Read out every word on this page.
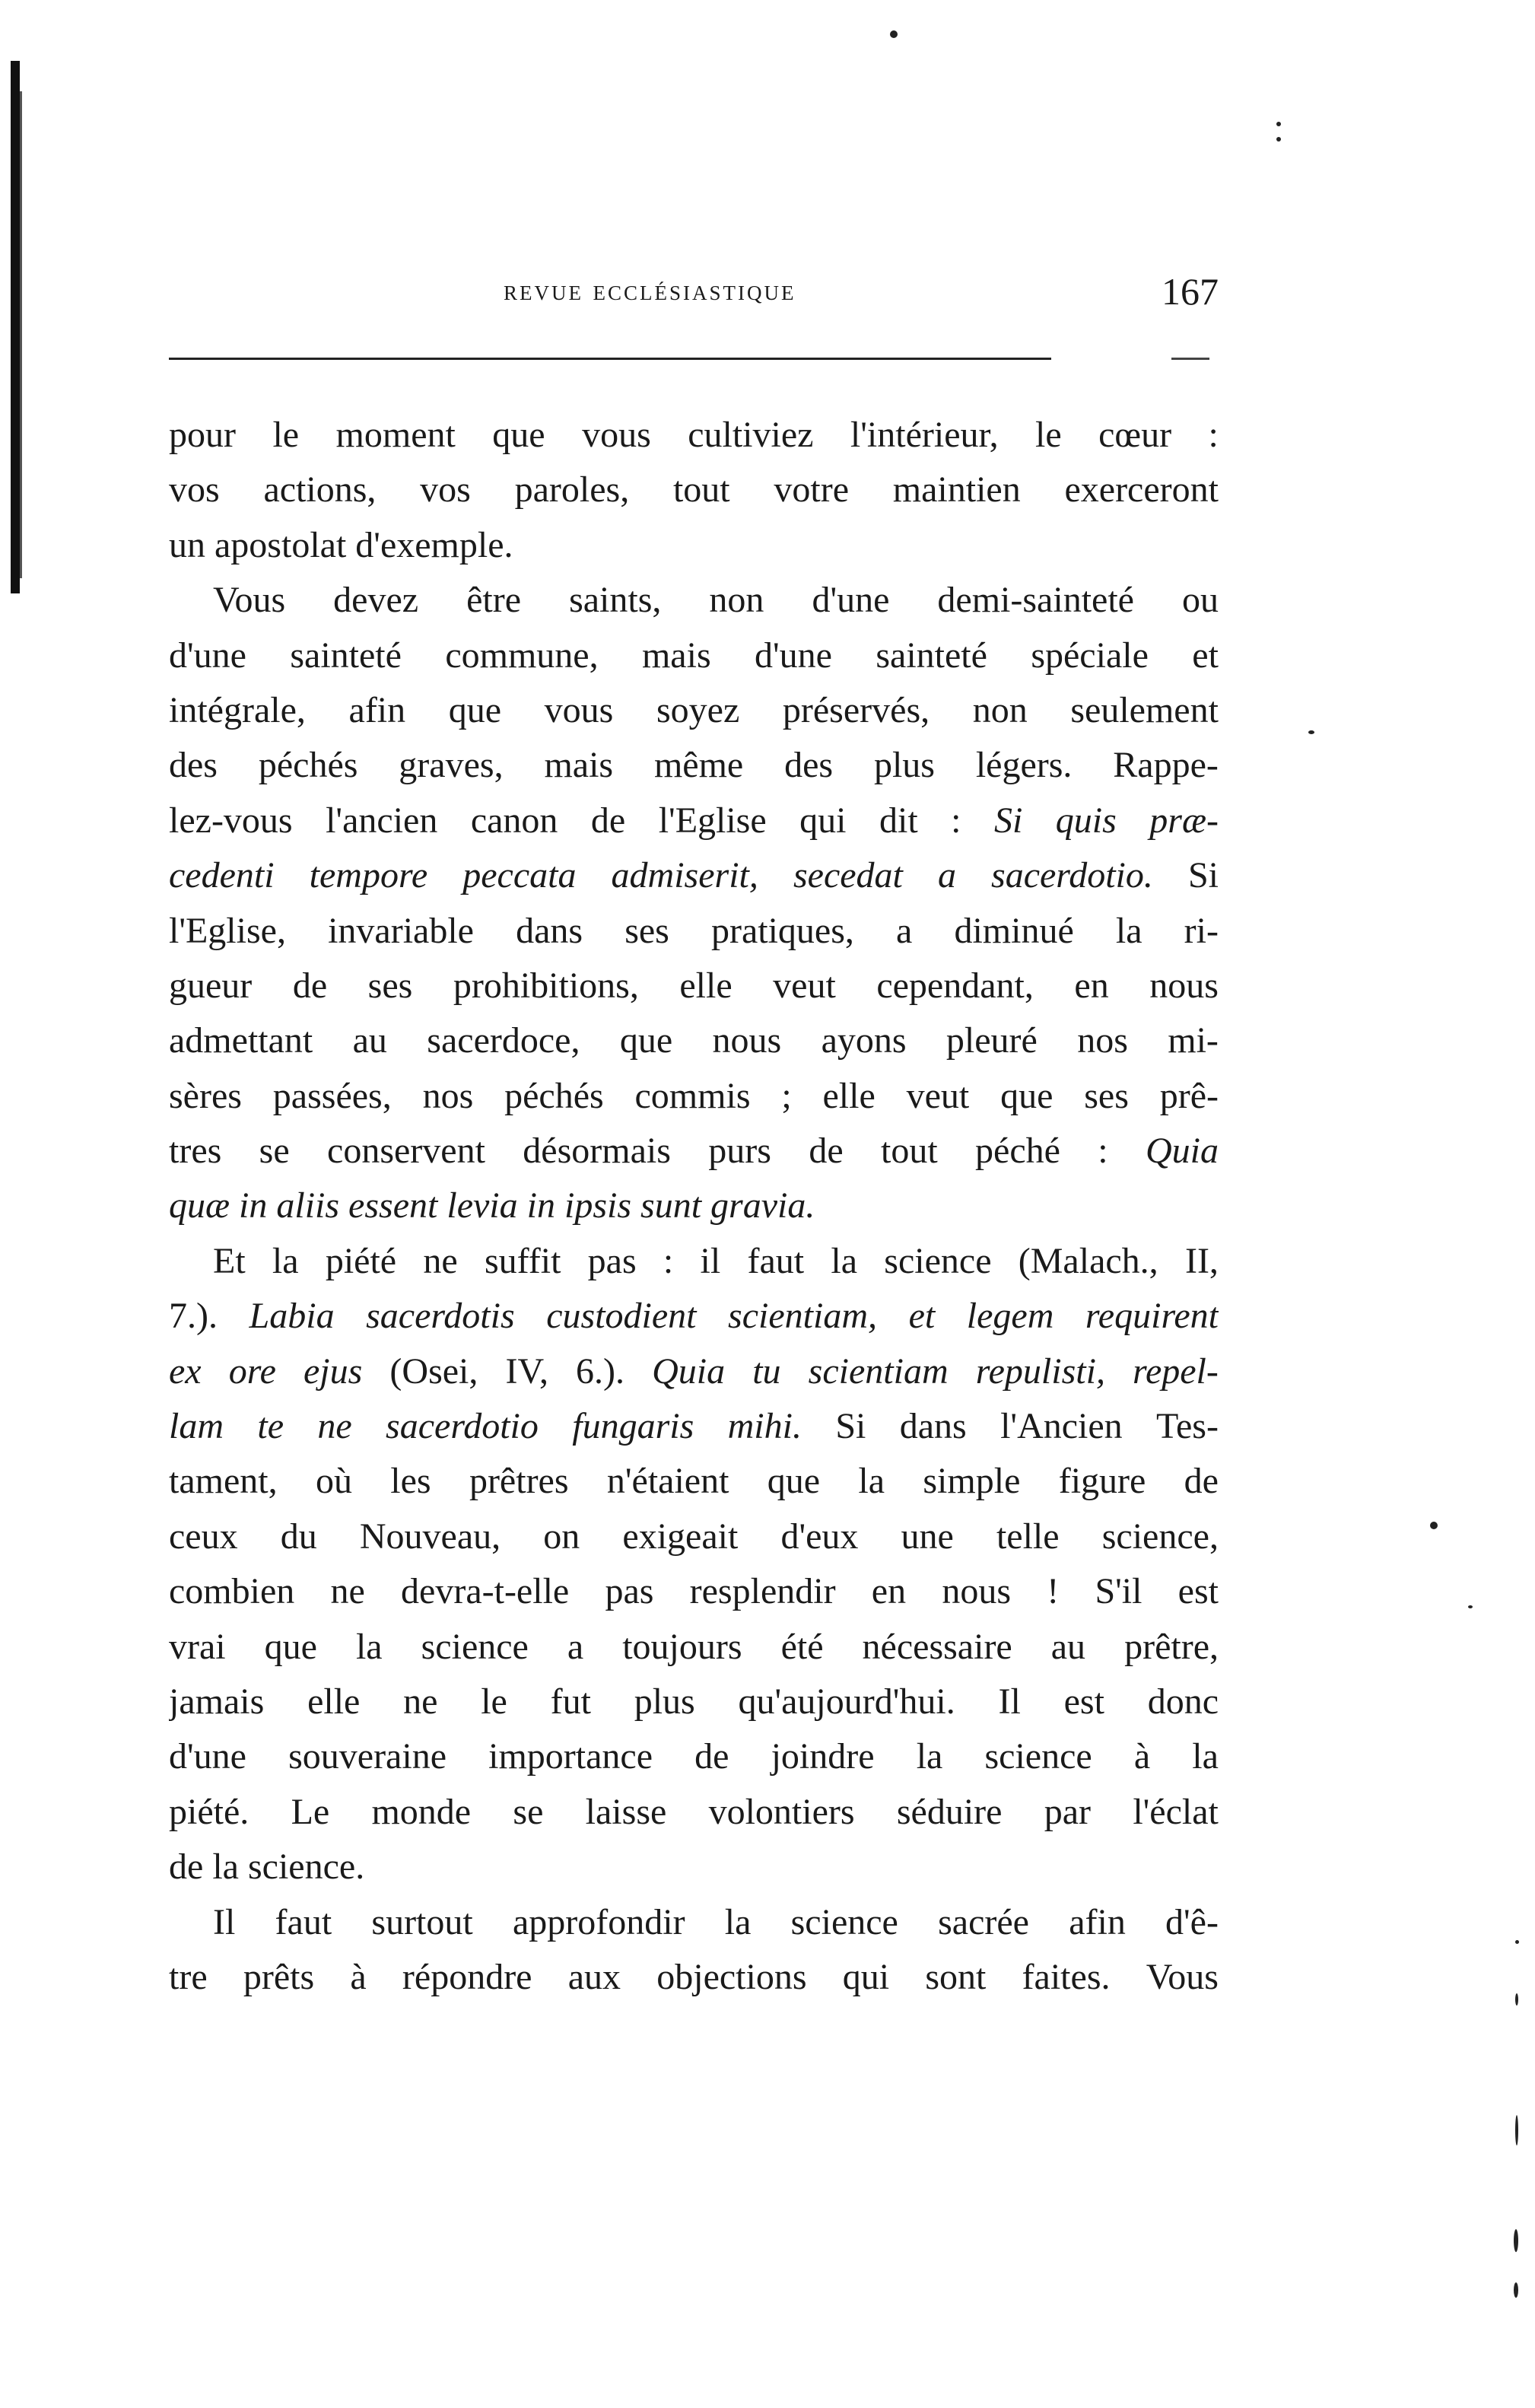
revue ecclésiastique	167
pour le moment que vous cultiviez l'intérieur, le cœur :
vos actions, vos paroles, tout votre maintien exerceront
un
apostolat
d'exemple.

Vous devez être saints, non d'une demi-sainteté ou
d'une sainteté commune, mais d'une sainteté spéciale et
intégrale, afin que vous soyez préservés, non seulement
des péchés graves, mais même des plus légers. Rappe-
lez-vous l'ancien canon de l'Eglise qui dit : Si quis præ-
cedenti tempore peccata admiserit, secedat a sacerdotio. Si
l'Eglise, invariable dans ses pratiques, a diminué la ri-
gueur de ses prohibitions, elle veut cependant, en nous
admettant au sacerdoce, que nous ayons pleuré nos mi-
sères passées, nos péchés commis ; elle veut que ses prê-
tres se conservent désormais purs de tout péché : Quia
quæ
in
aliis
essent
levia
in
ipsis
sunt
gravia.

Et la piété ne suffit pas : il faut la science (Malach., II,
7.). Labia sacerdotis custodient scientiam, et legem requirent
ex ore ejus (Osei, IV, 6.). Quia tu scientiam repulisti, repel-
lam te ne sacerdotio fungaris mihi. Si dans l'Ancien Tes-
tament, où les prêtres n'étaient que la simple figure de
ceux du Nouveau, on exigeait d'eux une telle science,
combien ne devra-t-elle pas resplendir en nous ! S'il est
vrai que la science a toujours été nécessaire au prêtre,
jamais elle ne le fut plus qu'aujourd'hui. Il est donc
d'une souveraine importance de joindre la science à la
piété. Le monde se laisse volontiers séduire par l'éclat
de
la
science.

Il faut surtout approfondir la science sacrée afin d'ê-
tre prêts à répondre aux objections qui sont faites. Vous
